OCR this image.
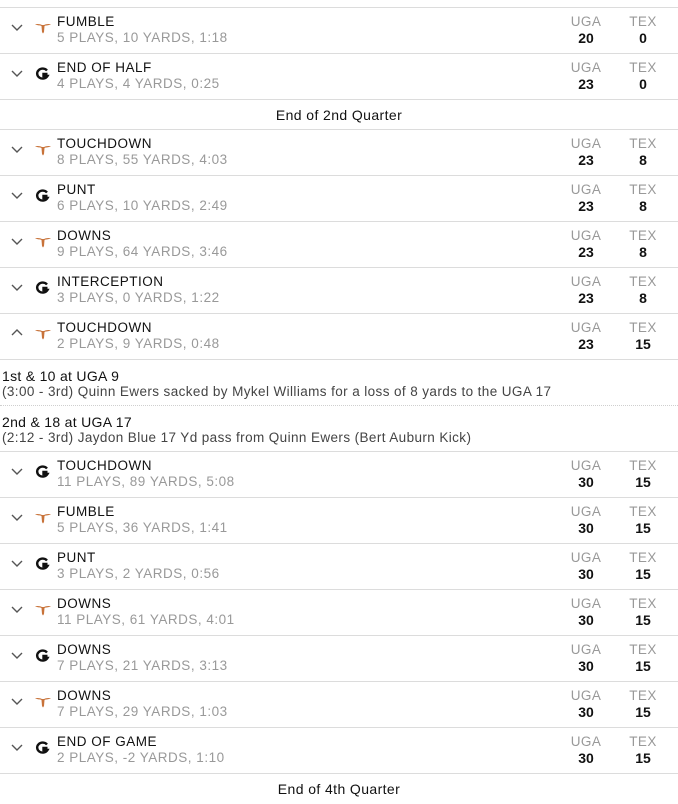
FUMBLE
5 PLAYS, 10 YARDS, 1:18
UGA
20
TEX
0
END OF HALF
4 PLAYS, 4 YARDS, 0:25
UGA
23
TEX
0
End of 2nd Quarter
TOUCHDOWN
8 PLAYS, 55 YARDS, 4:03
UGA
23
TEX
8
PUNT
6 PLAYS, 10 YARDS, 2:49
UGA
23
TEX
8
DOWNS
9 PLAYS, 64 YARDS, 3:46
UGA
23
TEX
8
INTERCEPTION
3 PLAYS, 0 YARDS, 1:22
UGA
23
TEX
8
TOUCHDOWN
2 PLAYS, 9 YARDS, 0:48
UGA
23
TEX
15
1st & 10 at UGA 9
(3:00 - 3rd) Quinn Ewers sacked by Mykel Williams for a loss of 8 yards to the UGA 17
2nd & 18 at UGA 17
(2:12 - 3rd) Jaydon Blue 17 Yd pass from Quinn Ewers (Bert Auburn Kick)
TOUCHDOWN
11 PLAYS, 89 YARDS, 5:08
UGA
30
TEX
15
FUMBLE
5 PLAYS, 36 YARDS, 1:41
UGA
30
TEX
15
PUNT
3 PLAYS, 2 YARDS, 0:56
UGA
30
TEX
15
DOWNS
11 PLAYS, 61 YARDS, 4:01
UGA
30
TEX
15
DOWNS
7 PLAYS, 21 YARDS, 3:13
UGA
30
TEX
15
DOWNS
7 PLAYS, 29 YARDS, 1:03
UGA
30
TEX
15
END OF GAME
2 PLAYS, -2 YARDS, 1:10
UGA
30
TEX
15
End of 4th Quarter
